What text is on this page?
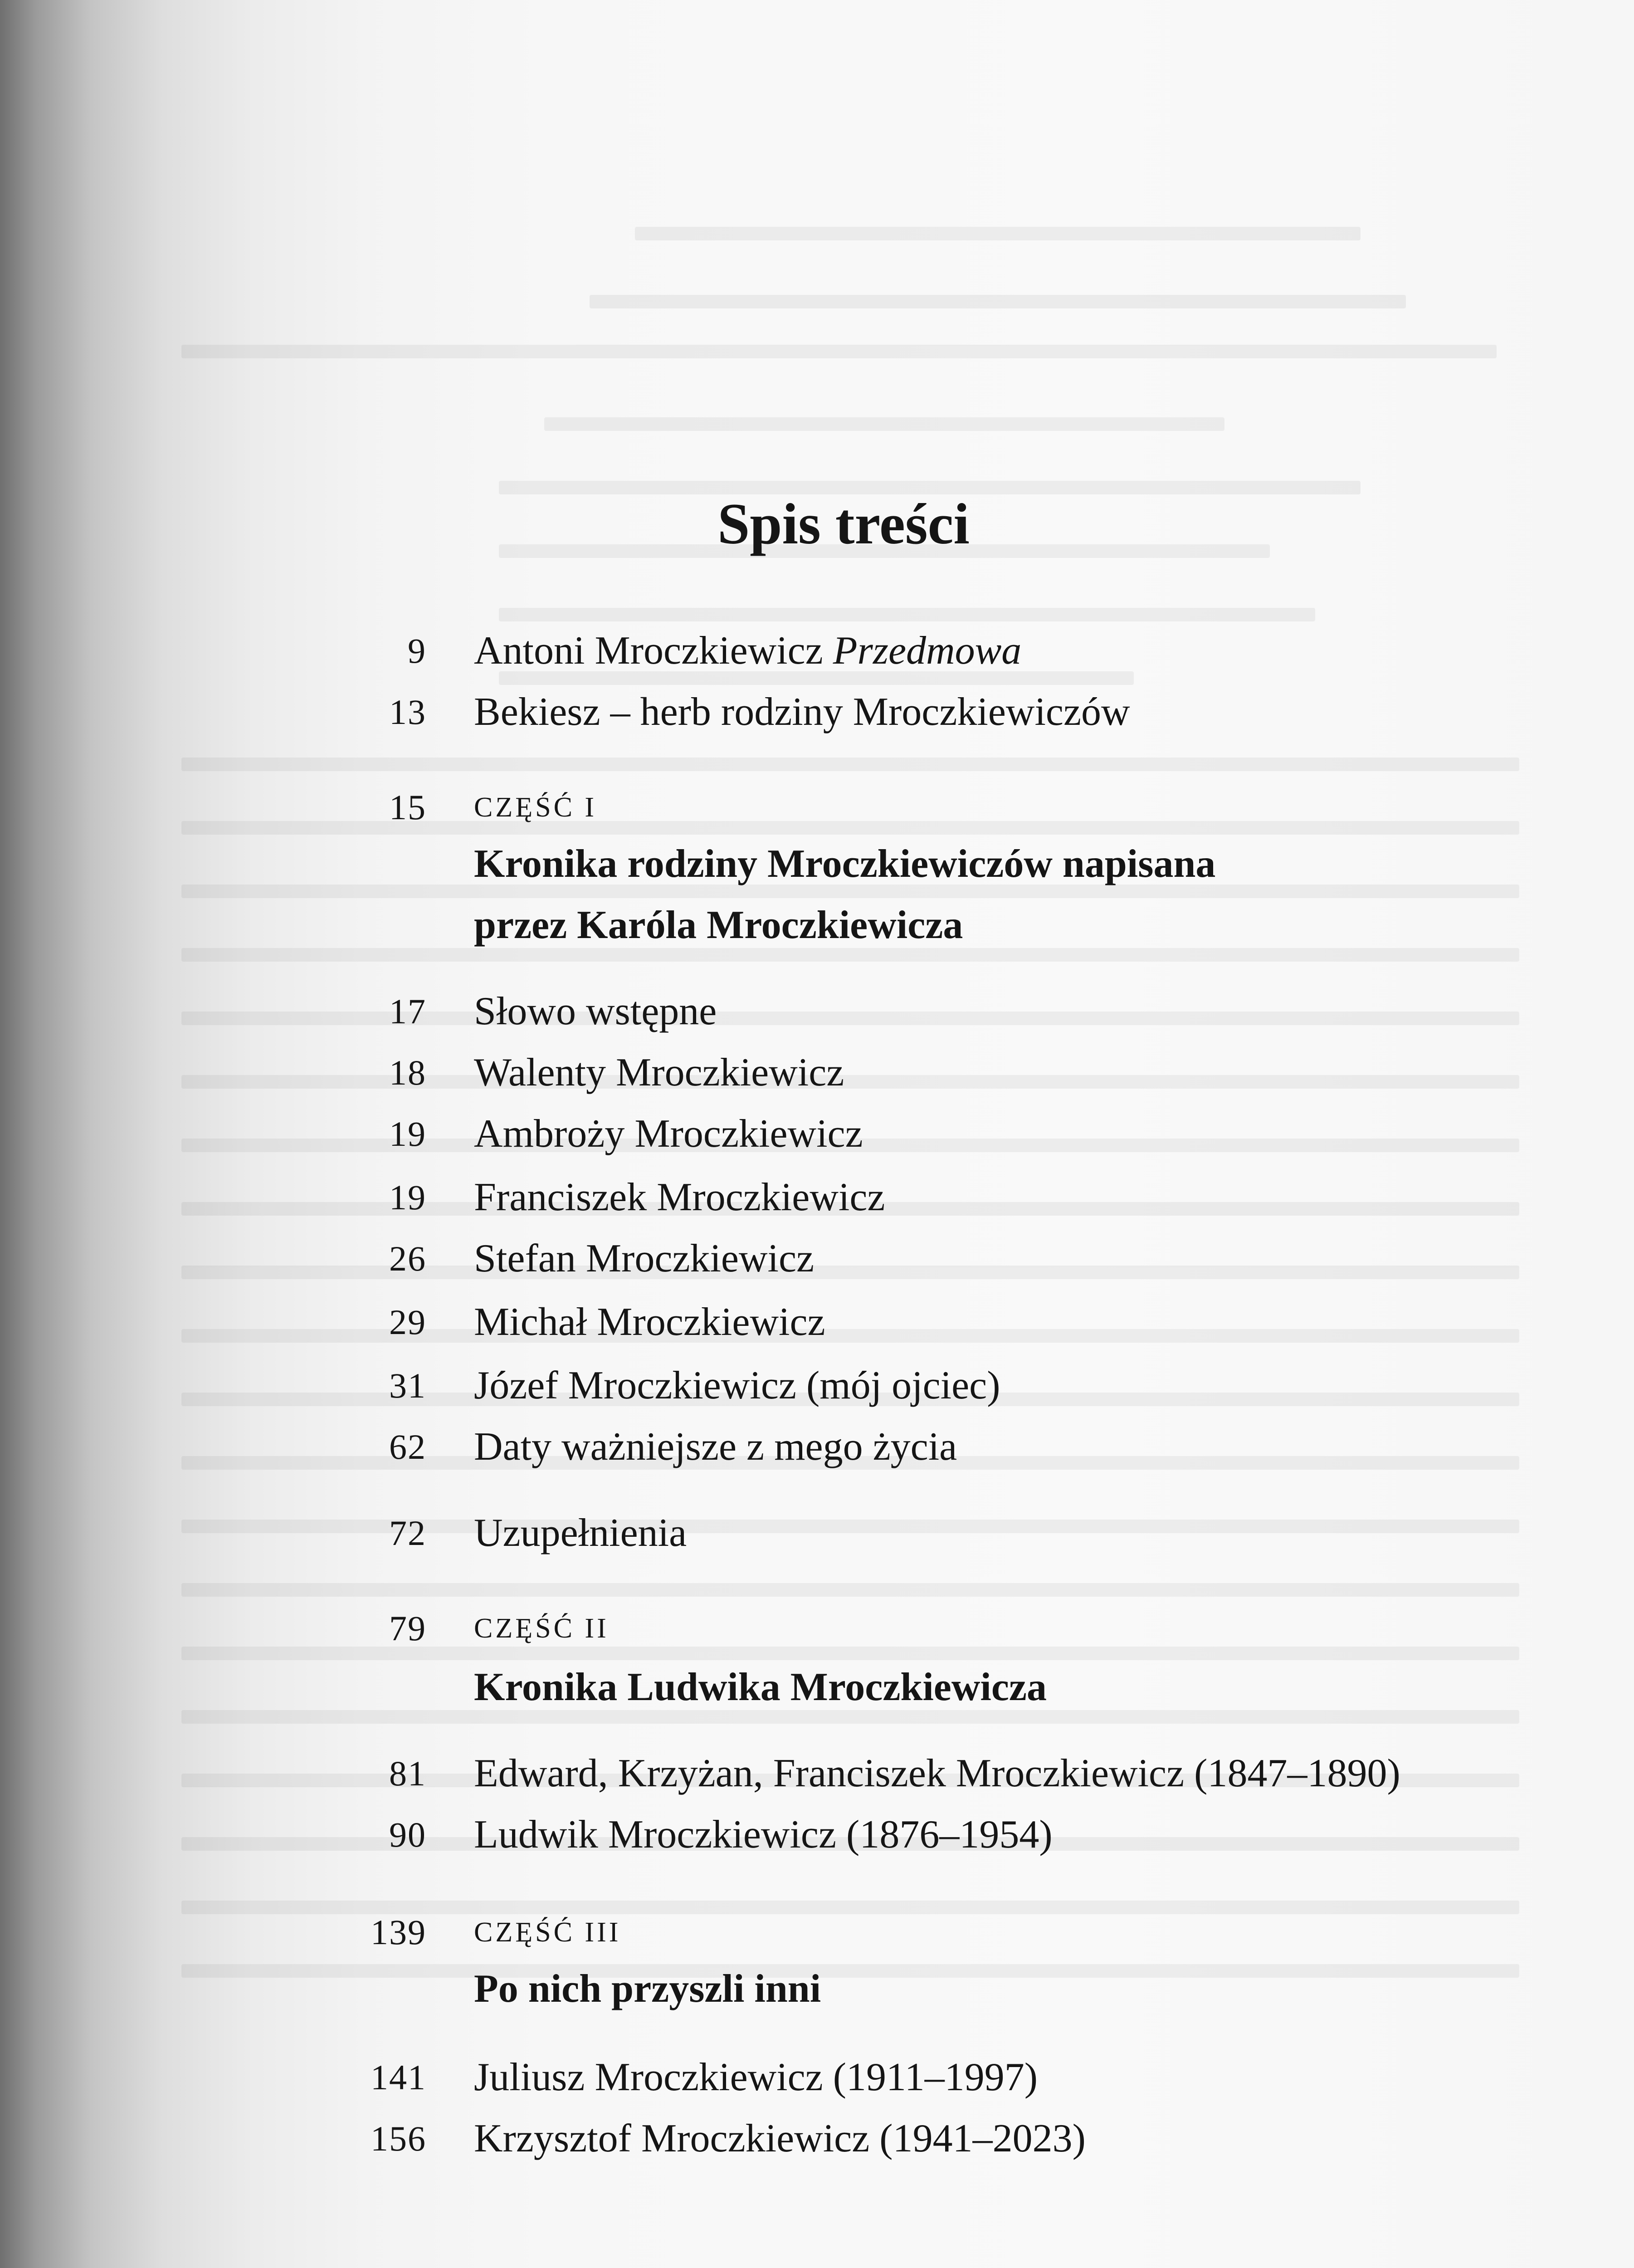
Spis treści
9 Antoni Mroczkiewicz Przedmowa
13 Bekiesz – herb rodziny Mroczkiewiczów
15 CZĘŚĆ I
Kronika rodziny Mroczkiewiczów napisana
przez Karóla Mroczkiewicza
17 Słowo wstępne
18 Walenty Mroczkiewicz
19 Ambroży Mroczkiewicz
19 Franciszek Mroczkiewicz
26 Stefan Mroczkiewicz
29 Michał Mroczkiewicz
31 Józef Mroczkiewicz (mój ojciec)
62 Daty ważniejsze z mego życia
72 Uzupełnienia
79 CZĘŚĆ II
Kronika Ludwika Mroczkiewicza
81 Edward, Krzyżan, Franciszek Mroczkiewicz (1847–1890)
90 Ludwik Mroczkiewicz (1876–1954)
139 CZĘŚĆ III
Po nich przyszli inni
141 Juliusz Mroczkiewicz (1911–1997)
156 Krzysztof Mroczkiewicz (1941–2023)
